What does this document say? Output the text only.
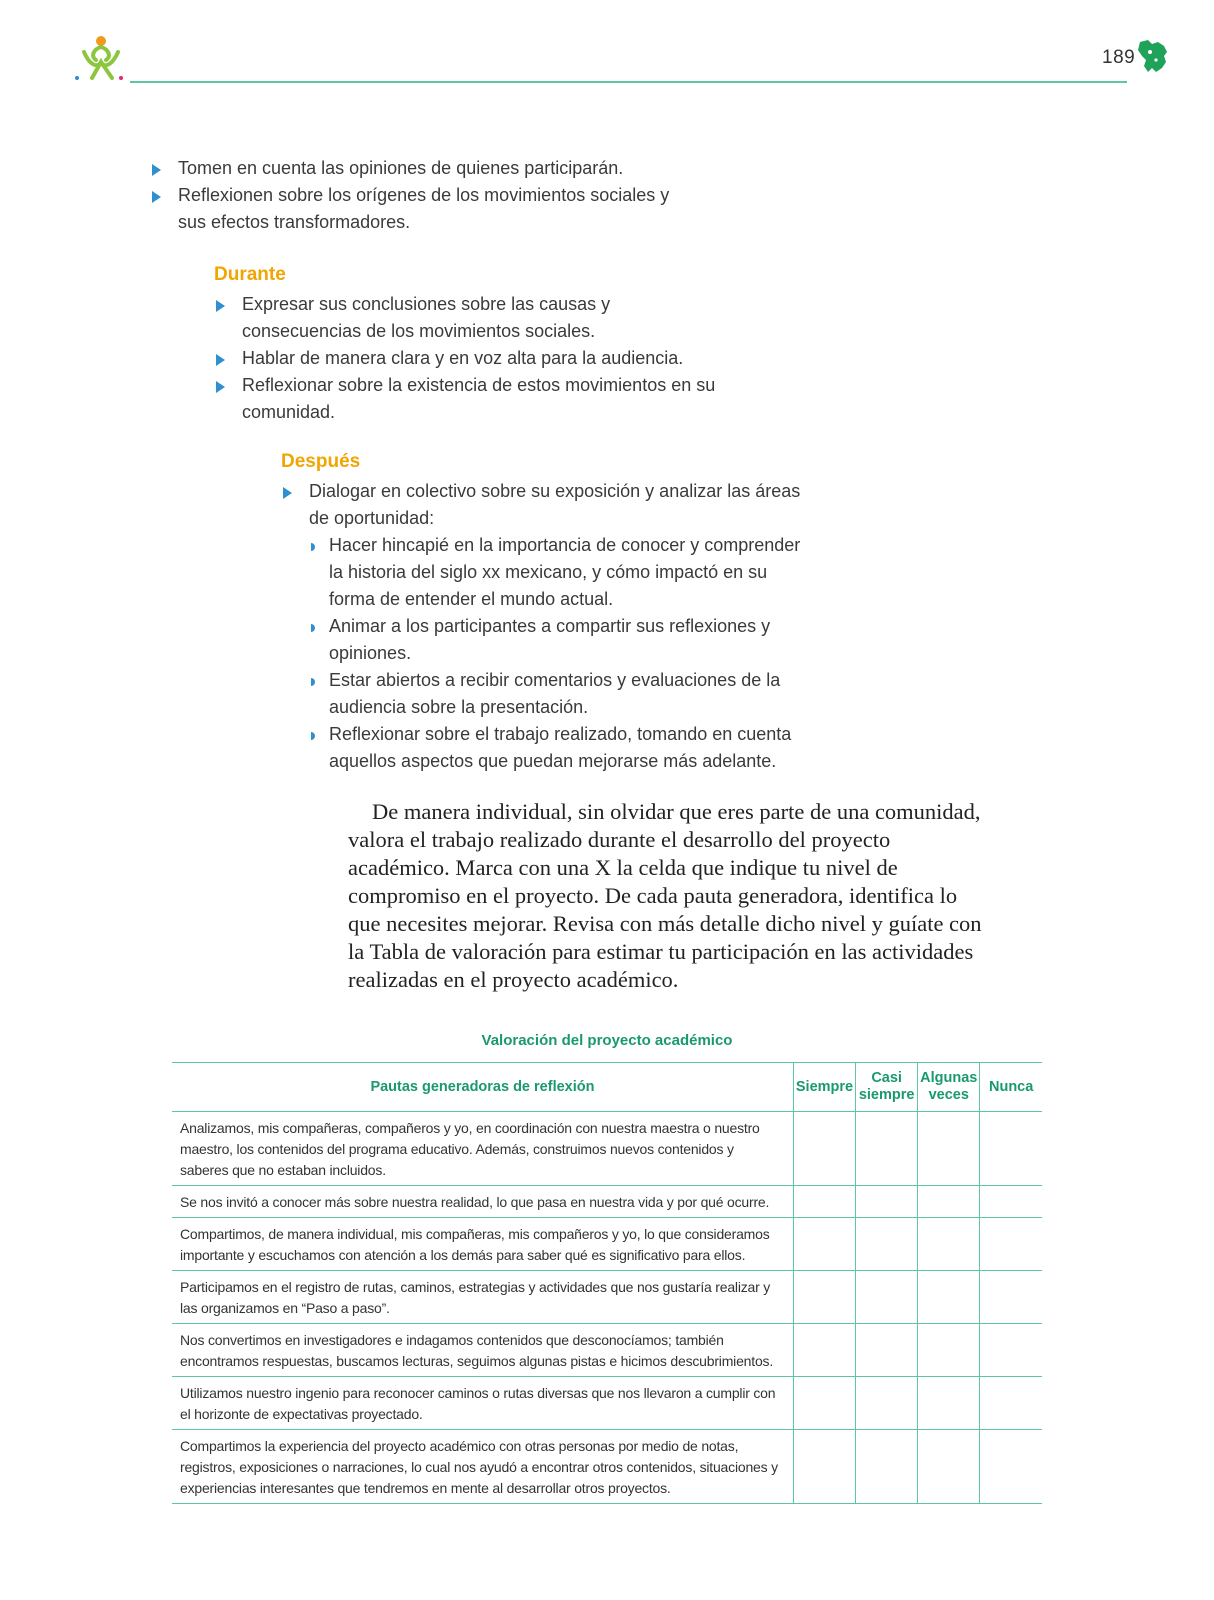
189
Tomen en cuenta las opiniones de quienes participarán.
Reflexionen sobre los orígenes de los movimientos sociales y sus efectos transformadores.
Durante
Expresar sus conclusiones sobre las causas y consecuencias de los movimientos sociales.
Hablar de manera clara y en voz alta para la audiencia.
Reflexionar sobre la existencia de estos movimientos en su comunidad.
Después
Dialogar en colectivo sobre su exposición y analizar las áreas de oportunidad:
Hacer hincapié en la importancia de conocer y comprender la historia del siglo xx mexicano, y cómo impactó en su forma de entender el mundo actual.
Animar a los participantes a compartir sus reflexiones y opiniones.
Estar abiertos a recibir comentarios y evaluaciones de la audiencia sobre la presentación.
Reflexionar sobre el trabajo realizado, tomando en cuenta aquellos aspectos que puedan mejorarse más adelante.

De manera individual, sin olvidar que eres parte de una comunidad, valora el trabajo realizado durante el desarrollo del proyecto académico. Marca con una X la celda que indique tu nivel de compromiso en el proyecto. De cada pauta generadora, identifica lo que necesites mejorar. Revisa con más detalle dicho nivel y guíate con la Tabla de valoración para estimar tu participación en las actividades realizadas en el proyecto académico.

Valoración del proyecto académico
Pautas generadoras de reflexión	Siempre	Casi siempre	Algunas veces	Nunca
Analizamos, mis compañeras, compañeros y yo, en coordinación con nuestra maestra o nuestro maestro, los contenidos del programa educativo. Además, construimos nuevos contenidos y saberes que no estaban incluidos.				
Se nos invitó a conocer más sobre nuestra realidad, lo que pasa en nuestra vida y por qué ocurre.				
Compartimos, de manera individual, mis compañeras, mis compañeros y yo, lo que consideramos importante y escuchamos con atención a los demás para saber qué es significativo para ellos.				
Participamos en el registro de rutas, caminos, estrategias y actividades que nos gustaría realizar y las organizamos en “Paso a paso”.				
Nos convertimos en investigadores e indagamos contenidos que desconocíamos; también encontramos respuestas, buscamos lecturas, seguimos algunas pistas e hicimos descubrimientos.				
Utilizamos nuestro ingenio para reconocer caminos o rutas diversas que nos llevaron a cumplir con el horizonte de expectativas proyectado.				
Compartimos la experiencia del proyecto académico con otras personas por medio de notas, registros, exposiciones o narraciones, lo cual nos ayudó a encontrar otros contenidos, situaciones y experiencias interesantes que tendremos en mente al desarrollar otros proyectos.				
